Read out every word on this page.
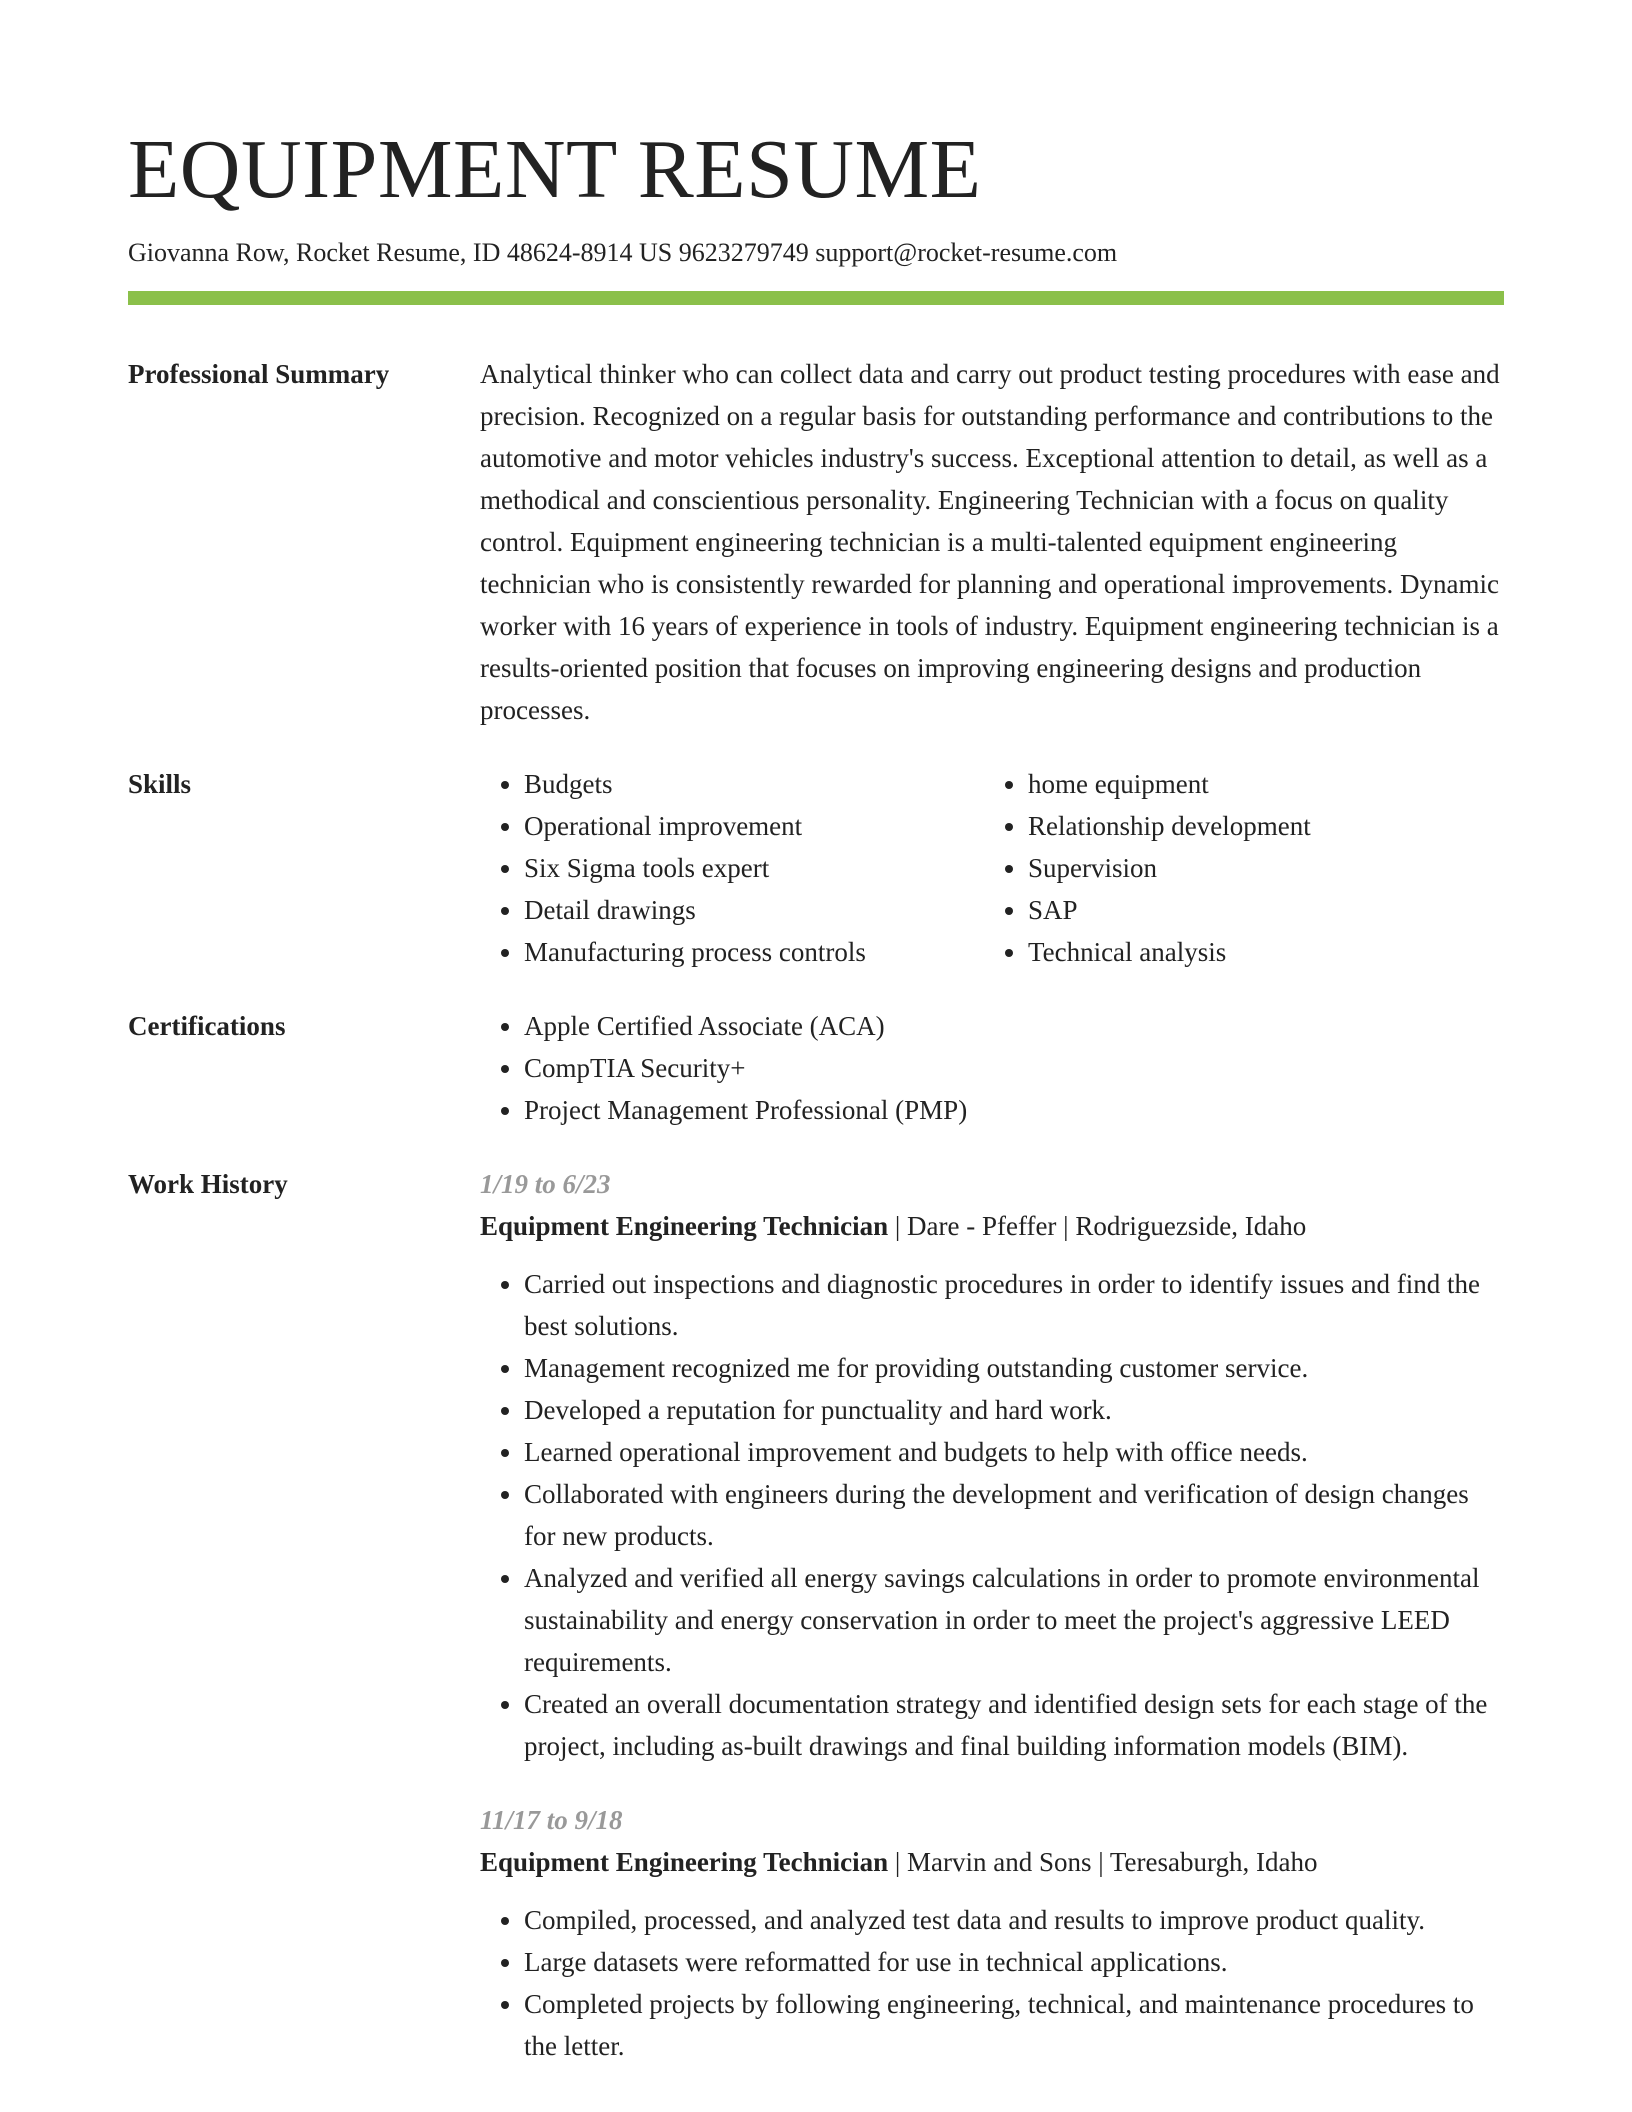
EQUIPMENT RESUME
Giovanna Row, Rocket Resume, ID 48624-8914 US 9623279749 support@rocket-resume.com
Professional Summary	Analytical thinker who can collect data and carry out product testing procedures with ease and precision. Recognized on a regular basis for outstanding performance and contributions to the automotive and motor vehicles industry's success. Exceptional attention to detail, as well as a methodical and conscientious personality. Engineering Technician with a focus on quality control. Equipment engineering technician is a multi-talented equipment engineering technician who is consistently rewarded for planning and operational improvements. Dynamic worker with 16 years of experience in tools of industry. Equipment engineering technician is a results-oriented position that focuses on improving engineering designs and production processes.

Skills	• Budgets
• Operational improvement
• Six Sigma tools expert
• Detail drawings
• Manufacturing process controls
• home equipment
• Relationship development
• Supervision
• SAP
• Technical analysis
Certifications	• Apple Certified Associate (ACA)
• CompTIA Security+
• Project Management Professional (PMP)
Work History	1/19 to 6/23

Equipment Engineering Technician | Dare - Pfeffer | Rodriguezside, Idaho

• Carried out inspections and diagnostic procedures in order to identify issues and find the best solutions.
• Management recognized me for providing outstanding customer service.
• Developed a reputation for punctuality and hard work.
• Learned operational improvement and budgets to help with office needs.
• Collaborated with engineers during the development and verification of design changes for new products.
• Analyzed and verified all energy savings calculations in order to promote environmental sustainability and energy conservation in order to meet the project's aggressive LEED requirements.
• Created an overall documentation strategy and identified design sets for each stage of the project, including as-built drawings and final building information models (BIM).
11/17 to 9/18

Equipment Engineering Technician | Marvin and Sons | Teresaburgh, Idaho

• Compiled, processed, and analyzed test data and results to improve product quality.
• Large datasets were reformatted for use in technical applications.
• Completed projects by following engineering, technical, and maintenance procedures to the letter.
